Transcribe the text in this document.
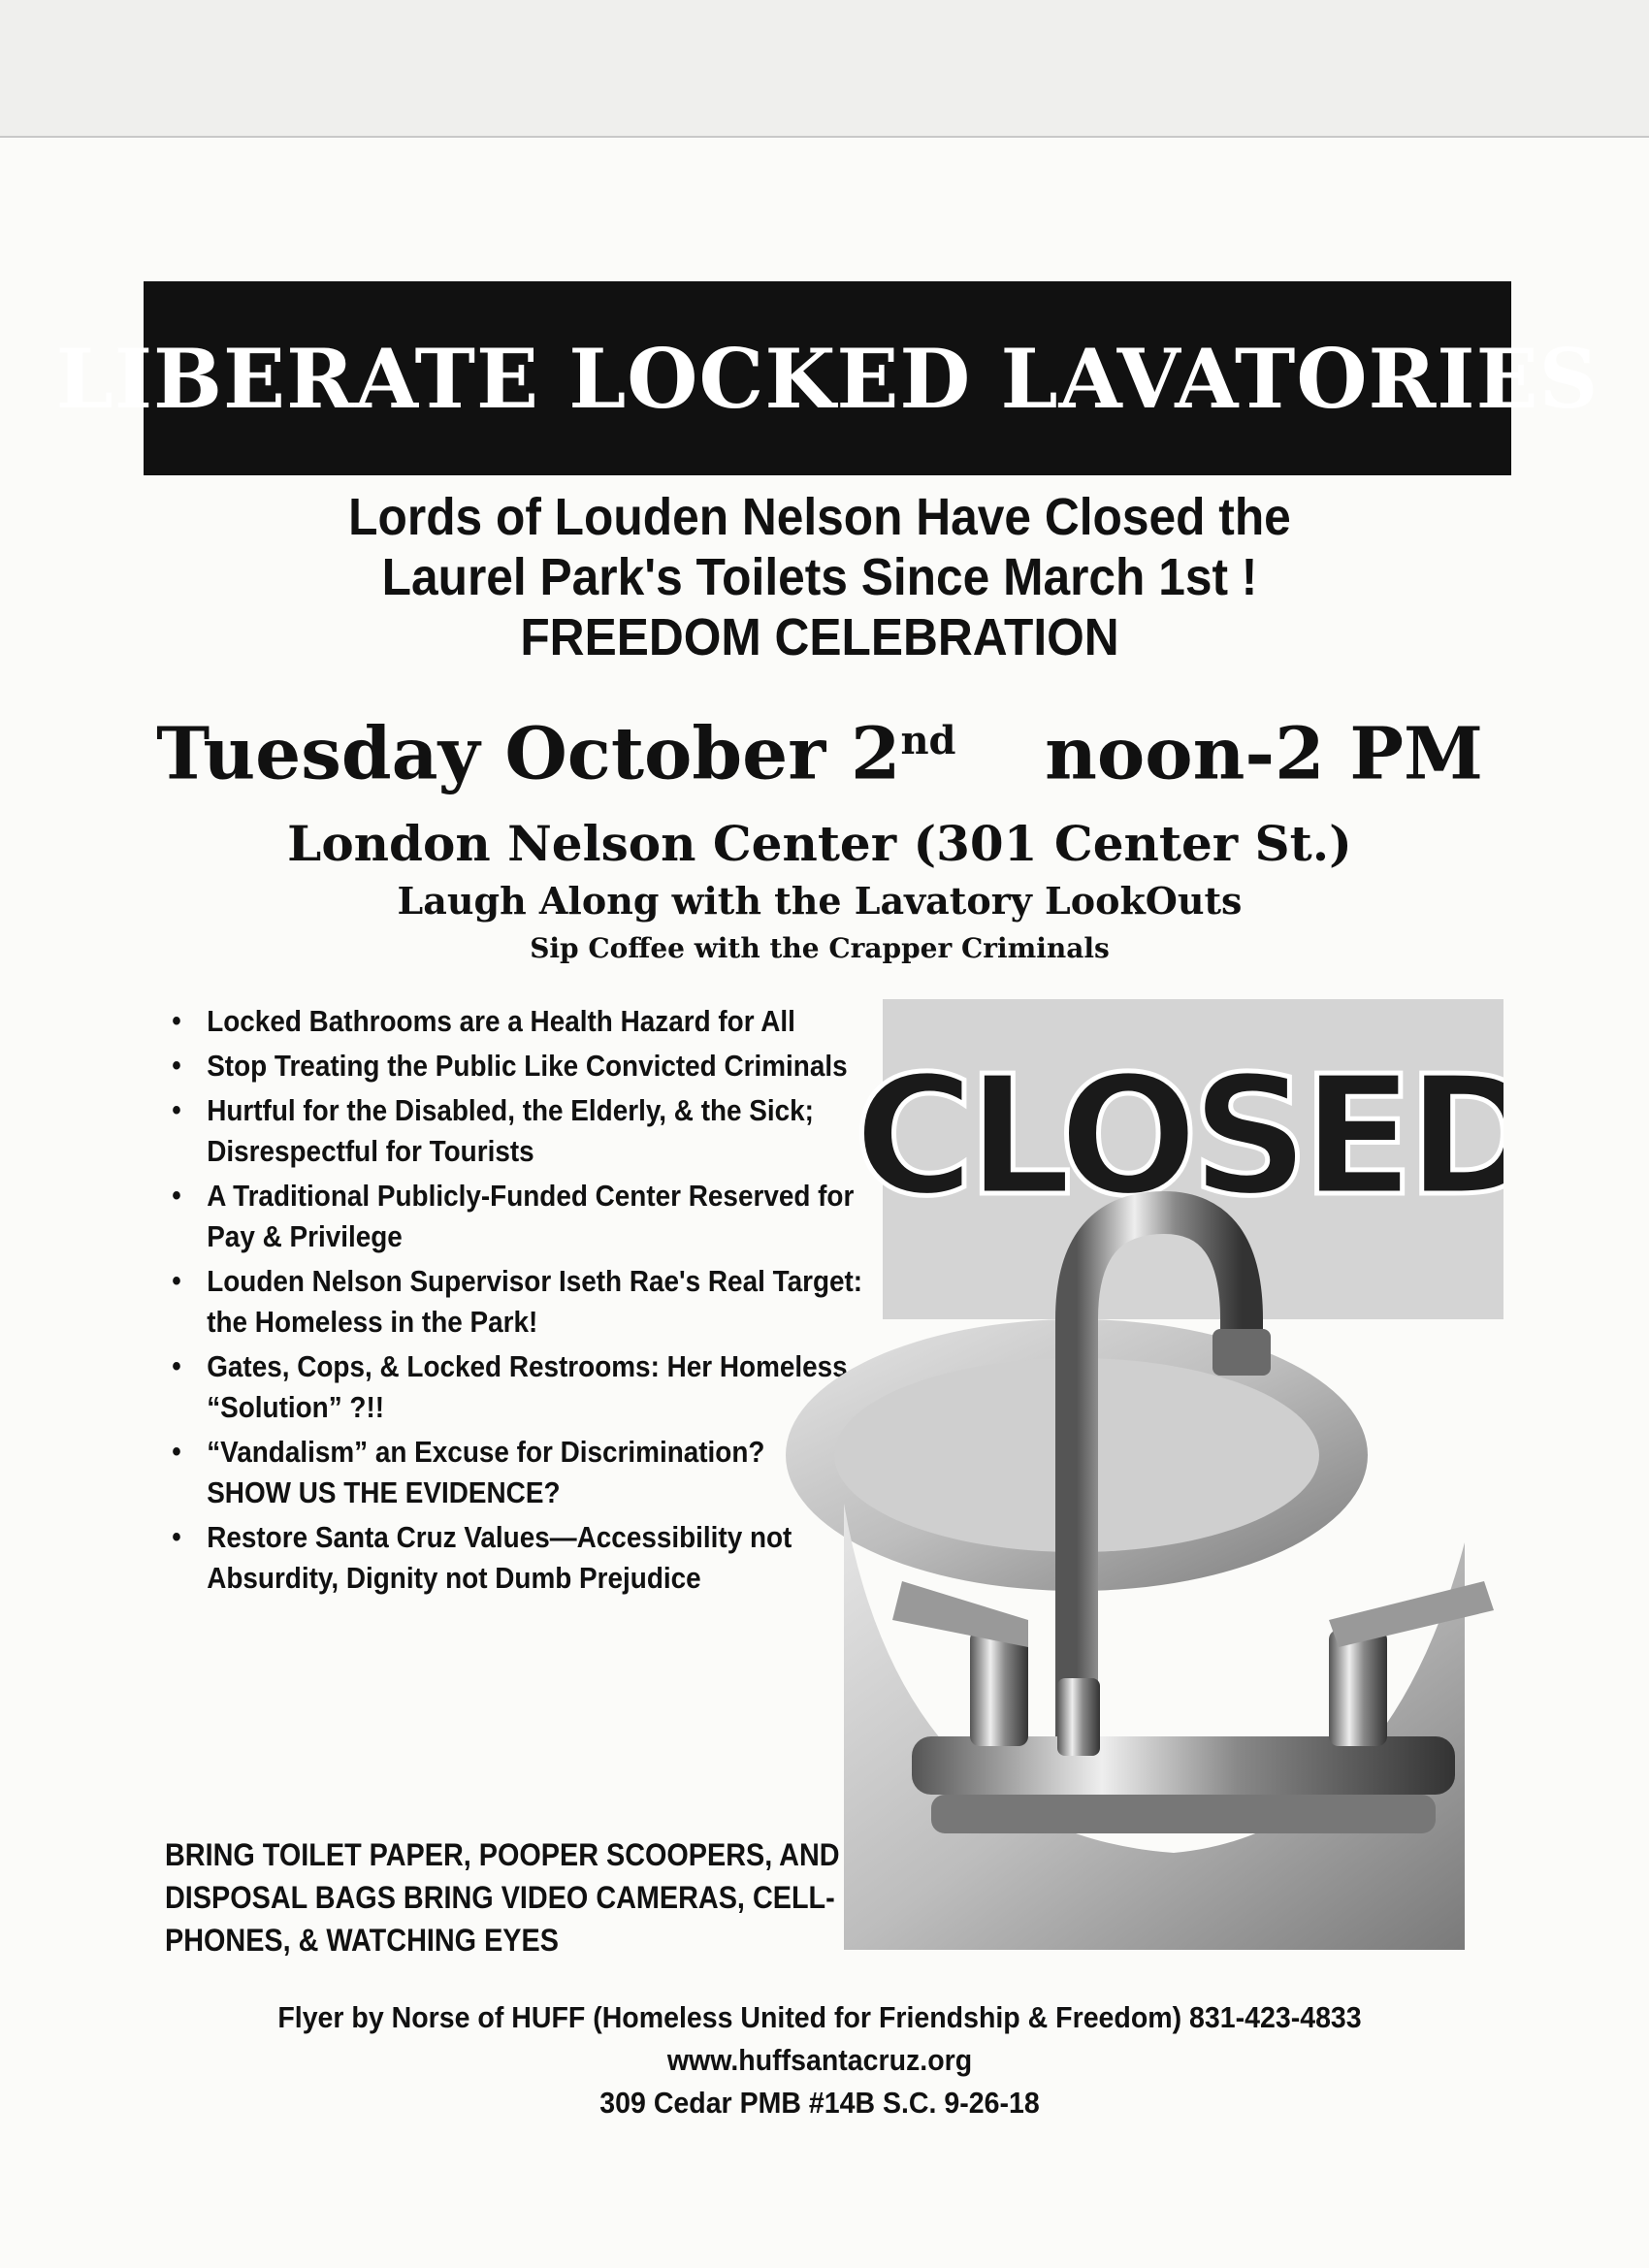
LIBERATE LOCKED LAVATORIES
Lords of Louden Nelson Have Closed the
Laurel Park's Toilets Since March 1st !
FREEDOM CELEBRATION
Tuesday October 2nd noon-2 PM
London Nelson Center (301 Center St.)
Laugh Along with the Lavatory LookOuts
Sip Coffee with the Crapper Criminals
• Locked Bathrooms are a Health Hazard for All
• Stop Treating the Public Like Convicted Criminals
• Hurtful for the Disabled, the Elderly, & the Sick; Disrespectful for Tourists
• A Traditional Publicly-Funded Center Reserved for Pay & Privilege
• Louden Nelson Supervisor Iseth Rae's Real Target: the Homeless in the Park!
• Gates, Cops, & Locked Restrooms: Her Homeless “Solution” ?!!
• “Vandalism” an Excuse for Discrimination?
SHOW US THE EVIDENCE?
• Restore Santa Cruz Values—Accessibility not Absurdity, Dignity not Dumb Prejudice
BRING TOILET PAPER, POOPER SCOOPERS, AND DISPOSAL BAGS BRING VIDEO CAMERAS, CELL-PHONES, & WATCHING EYES
CLOSED
Flyer by Norse of HUFF (Homeless United for Friendship & Freedom) 831-423-4833
www.huffsantacruz.org
309 Cedar PMB #14B S.C. 9-26-18
